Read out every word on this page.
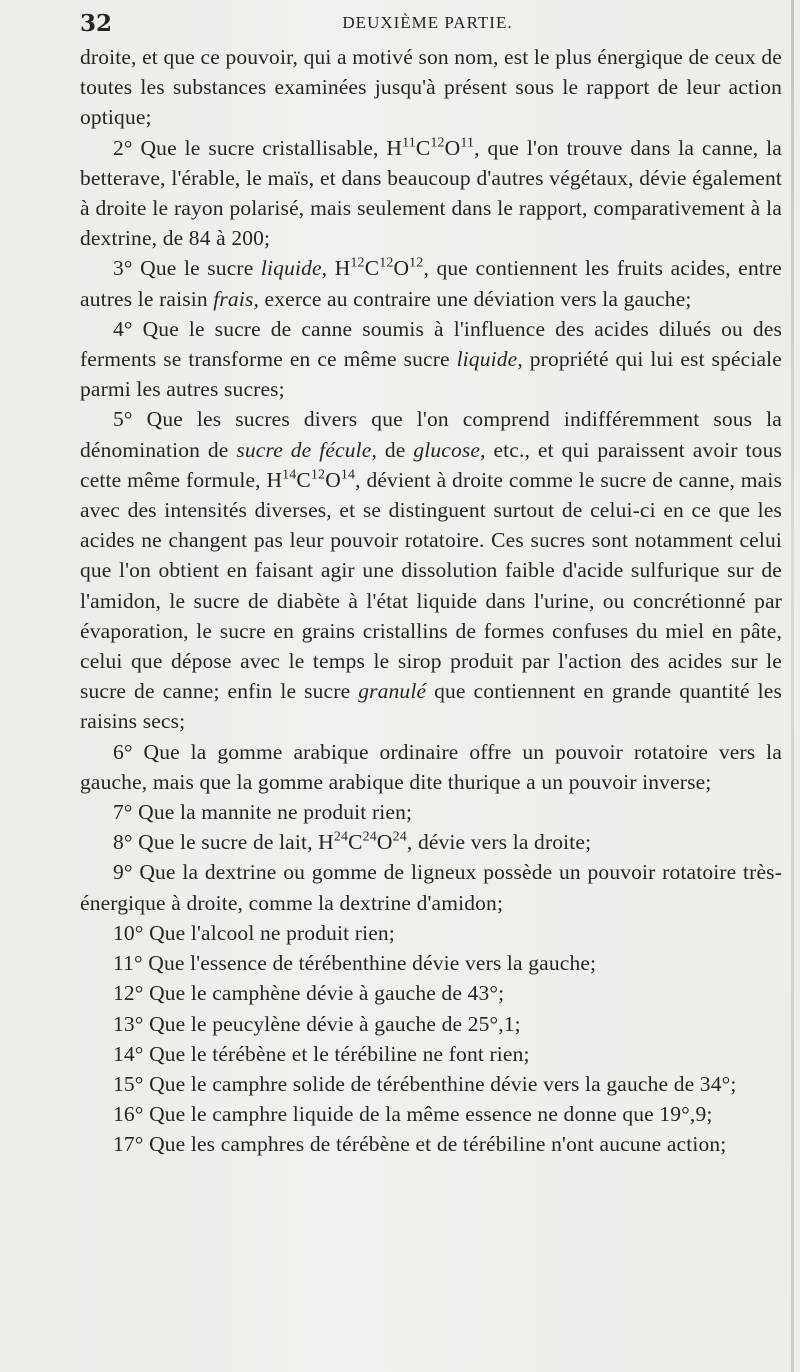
32	DEUXIÈME PARTIE.

droite, et que ce pouvoir, qui a motivé son nom, est le plus énergique de ceux de toutes les substances examinées jusqu'à présent sous le rapport de leur action optique;

2° Que le sucre cristallisable, $H^{11}C^{12}O^{11}$, que l'on trouve dans la canne, la betterave, l'érable, le maïs, et dans beaucoup d'autres végétaux, dévie également à droite le rayon polarisé, mais seulement dans le rapport, comparativement à la dextrine, de 84 à 200;

3° Que le sucre liquide, $H^{12}C^{12}O^{12}$, que contiennent les fruits acides, entre autres le raisin frais, exerce au contraire une déviation vers la gauche;

4° Que le sucre de canne soumis à l'influence des acides dilués ou des ferments se transforme en ce même sucre liquide, propriété qui lui est spéciale parmi les autres sucres;

5° Que les sucres divers que l'on comprend indifféremment sous la dénomination de sucre de fécule, de glucose, etc., et qui paraissent avoir tous cette même formule, $H^{14}C^{12}O^{14}$, dévient à droite comme le sucre de canne, mais avec des intensités diverses, et se distinguent surtout de celui-ci en ce que les acides ne changent pas leur pouvoir rotatoire. Ces sucres sont notamment celui que l'on obtient en faisant agir une dissolution faible d'acide sulfurique sur de l'amidon, le sucre de diabète à l'état liquide dans l'urine, ou concrétionné par évaporation, le sucre en grains cristallins de formes confuses du miel en pâte, celui que dépose avec le temps le sirop produit par l'action des acides sur le sucre de canne; enfin le sucre granulé que contiennent en grande quantité les raisins secs;

6° Que la gomme arabique ordinaire offre un pouvoir rotatoire vers la gauche, mais que la gomme arabique dite thurique a un pouvoir inverse;

7° Que la mannite ne produit rien;

8° Que le sucre de lait, $H^{24}C^{24}O^{24}$, dévie vers la droite;

9° Que la dextrine ou gomme de ligneux possède un pouvoir rotatoire très-énergique à droite, comme la dextrine d'amidon;

10° Que l'alcool ne produit rien;

11° Que l'essence de térébenthine dévie vers la gauche;

12° Que le camphène dévie à gauche de 43°;

13° Que le peucylène dévie à gauche de 25°,1;

14° Que le térébène et le térébiline ne font rien;

15° Que le camphre solide de térébenthine dévie vers la gauche de 34°;

16° Que le camphre liquide de la même essence ne donne que 19°,9;

17° Que les camphres de térébène et de térébiline n'ont aucune action;
